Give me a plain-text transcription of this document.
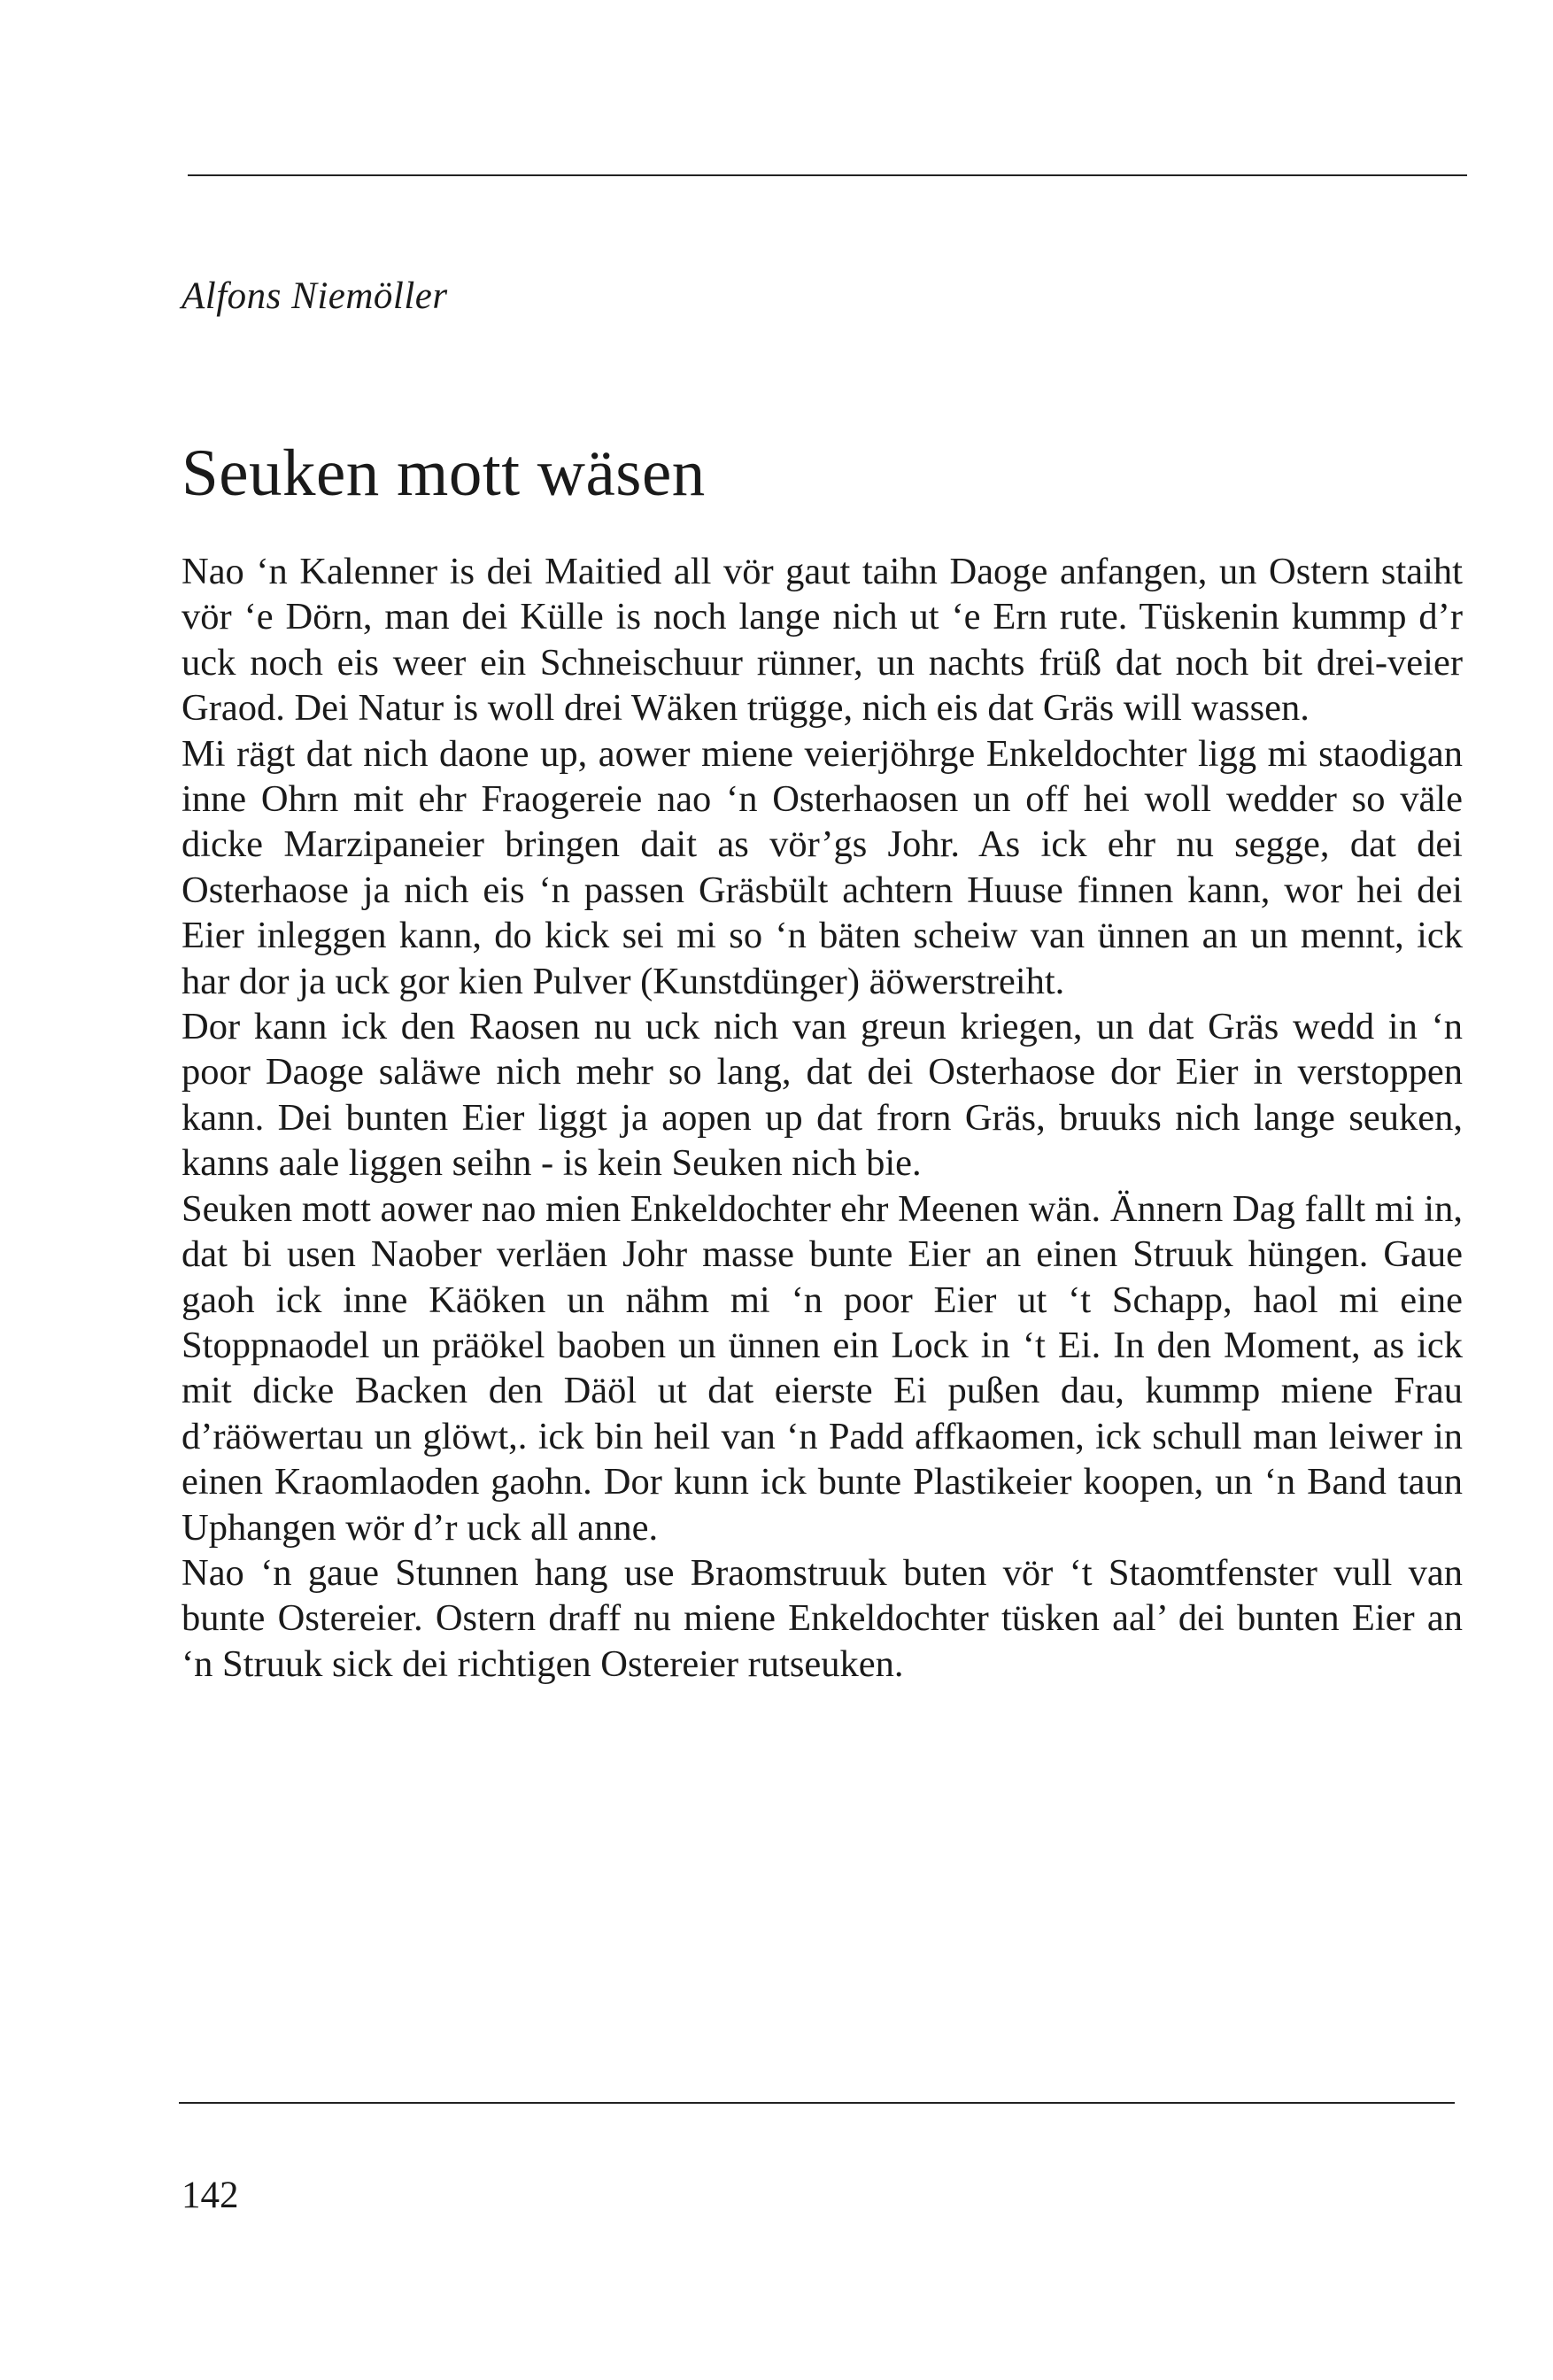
Alfons Niemöller
Seuken mott wäsen

Nao ‘n Kalenner is dei Maitied all vör gaut taihn Daoge anfangen, un Ostern staiht vör ‘e Dörn, man dei Külle is noch lange nich ut ‘e Ern rute. Tüskenin kummp d’r uck noch eis weer ein Schneischuur rünner, un nachts früß dat noch bit drei-veier Graod. Dei Natur is woll drei Wäken trügge, nich eis dat Gräs will wassen.

Mi rägt dat nich daone up, aower miene veierjöhrge Enkeldochter ligg mi staodigan inne Ohrn mit ehr Fraogereie nao ‘n Osterhaosen un off hei woll wedder so väle dicke Marzipaneier bringen dait as vör’gs Johr. As ick ehr nu segge, dat dei Osterhaose ja nich eis ‘n passen Gräsbült achtern Huuse finnen kann, wor hei dei Eier inleggen kann, do kick sei mi so ‘n bäten scheiw van ünnen an un mennt, ick har dor ja uck gor kien Pulver (Kunstdünger) äöwerstreiht.

Dor kann ick den Raosen nu uck nich van greun kriegen, un dat Gräs wedd in ‘n poor Daoge saläwe nich mehr so lang, dat dei Osterhaose dor Eier in verstoppen kann. Dei bunten Eier liggt ja aopen up dat frorn Gräs, bruuks nich lange seuken, kanns aale liggen seihn - is kein Seuken nich bie.

Seuken mott aower nao mien Enkeldochter ehr Meenen wän. Ännern Dag fallt mi in, dat bi usen Naober verläen Johr masse bunte Eier an einen Struuk hüngen. Gaue gaoh ick inne Käöken un nähm mi ‘n poor Eier ut ‘t Schapp, haol mi eine Stoppnaodel un präökel baoben un ünnen ein Lock in ‘t Ei. In den Moment, as ick mit dicke Backen den Däöl ut dat eierste Ei pußen dau, kummp miene Frau d’räöwertau un glöwt,. ick bin heil van ‘n Padd affkaomen, ick schull man leiwer in einen Kraomlaoden gaohn. Dor kunn ick bunte Plastikeier koopen, un ‘n Band taun Uphangen wör d’r uck all anne.

Nao ‘n gaue Stunnen hang use Braomstruuk buten vör ‘t Staomtfenster vull van bunte Ostereier. Ostern draff nu miene Enkeldochter tüsken aal’ dei bunten Eier an ‘n Struuk sick dei richtigen Ostereier rutseuken.

142
